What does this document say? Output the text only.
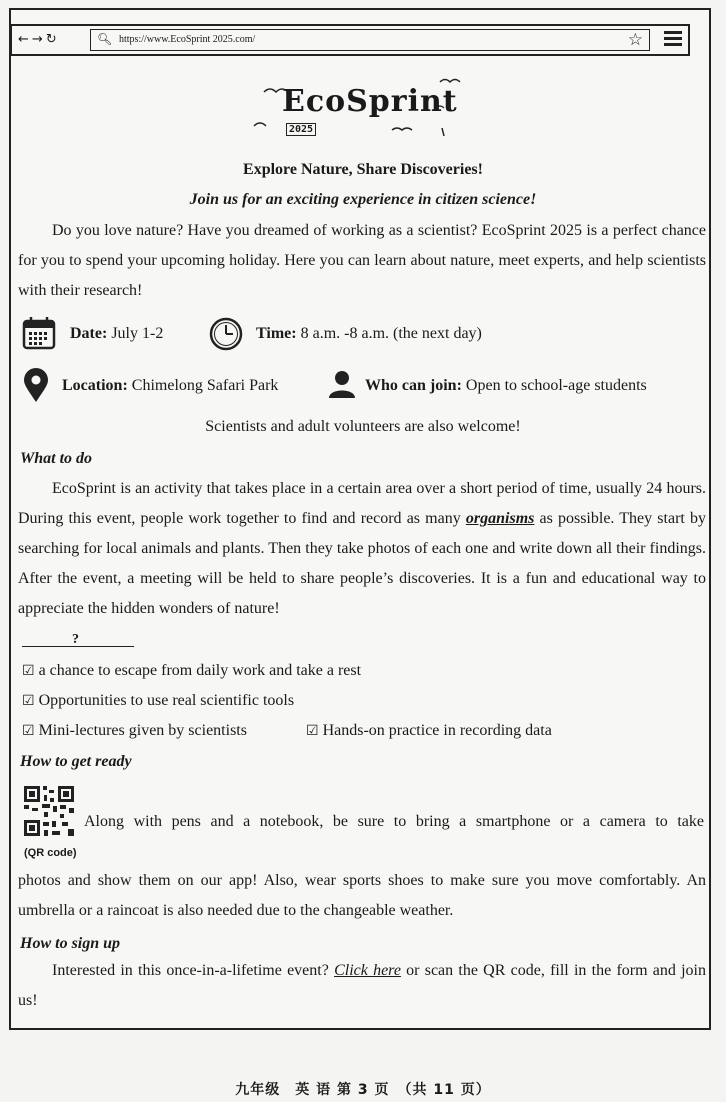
← → ↻	🔍︎ https://www.EcoSprint 2025.com/	☆
EcoSprint
2025
Explore Nature, Share Discoveries!
Join us for an exciting experience in citizen science!

Do you love nature? Have you dreamed of working as a scientist? EcoSprint 2025 is a perfect chance for you to spend your upcoming holiday. Here you can learn about nature, meet experts, and help scientists with their research!

Date: July 1-2	Time: 8 a.m. -8 a.m. (the next day)
Location: Chimelong Safari Park	Who can join: Open to school-age students
Scientists and adult volunteers are also welcome!
What to do

EcoSprint is an activity that takes place in a certain area over a short period of time, usually 24 hours. During this event, people work together to find and record as many organisms as possible. They start by searching for local animals and plants. Then they take photos of each one and write down all their findings. After the event, a meeting will be held to share people’s discoveries. It is a fun and educational way to appreciate the hidden wonders of nature!

?
☑ a chance to escape from daily work and take a rest
☑ Opportunities to use real scientific tools
☑ Mini-lectures given by scientists	☑ Hands-on practice in recording data
How to get ready
(QR code)
Along with pens and a notebook, be sure to bring a smartphone or a camera to take

photos and show them on our app! Also, wear sports shoes to make sure you move comfortably. An umbrella or a raincoat is also needed due to the changeable weather.

How to sign up

Interested in this once-in-a-lifetime event? Click here or scan the QR code, fill in the form and join us!

九年级　英 语 第 3 页　（共 11 页）
